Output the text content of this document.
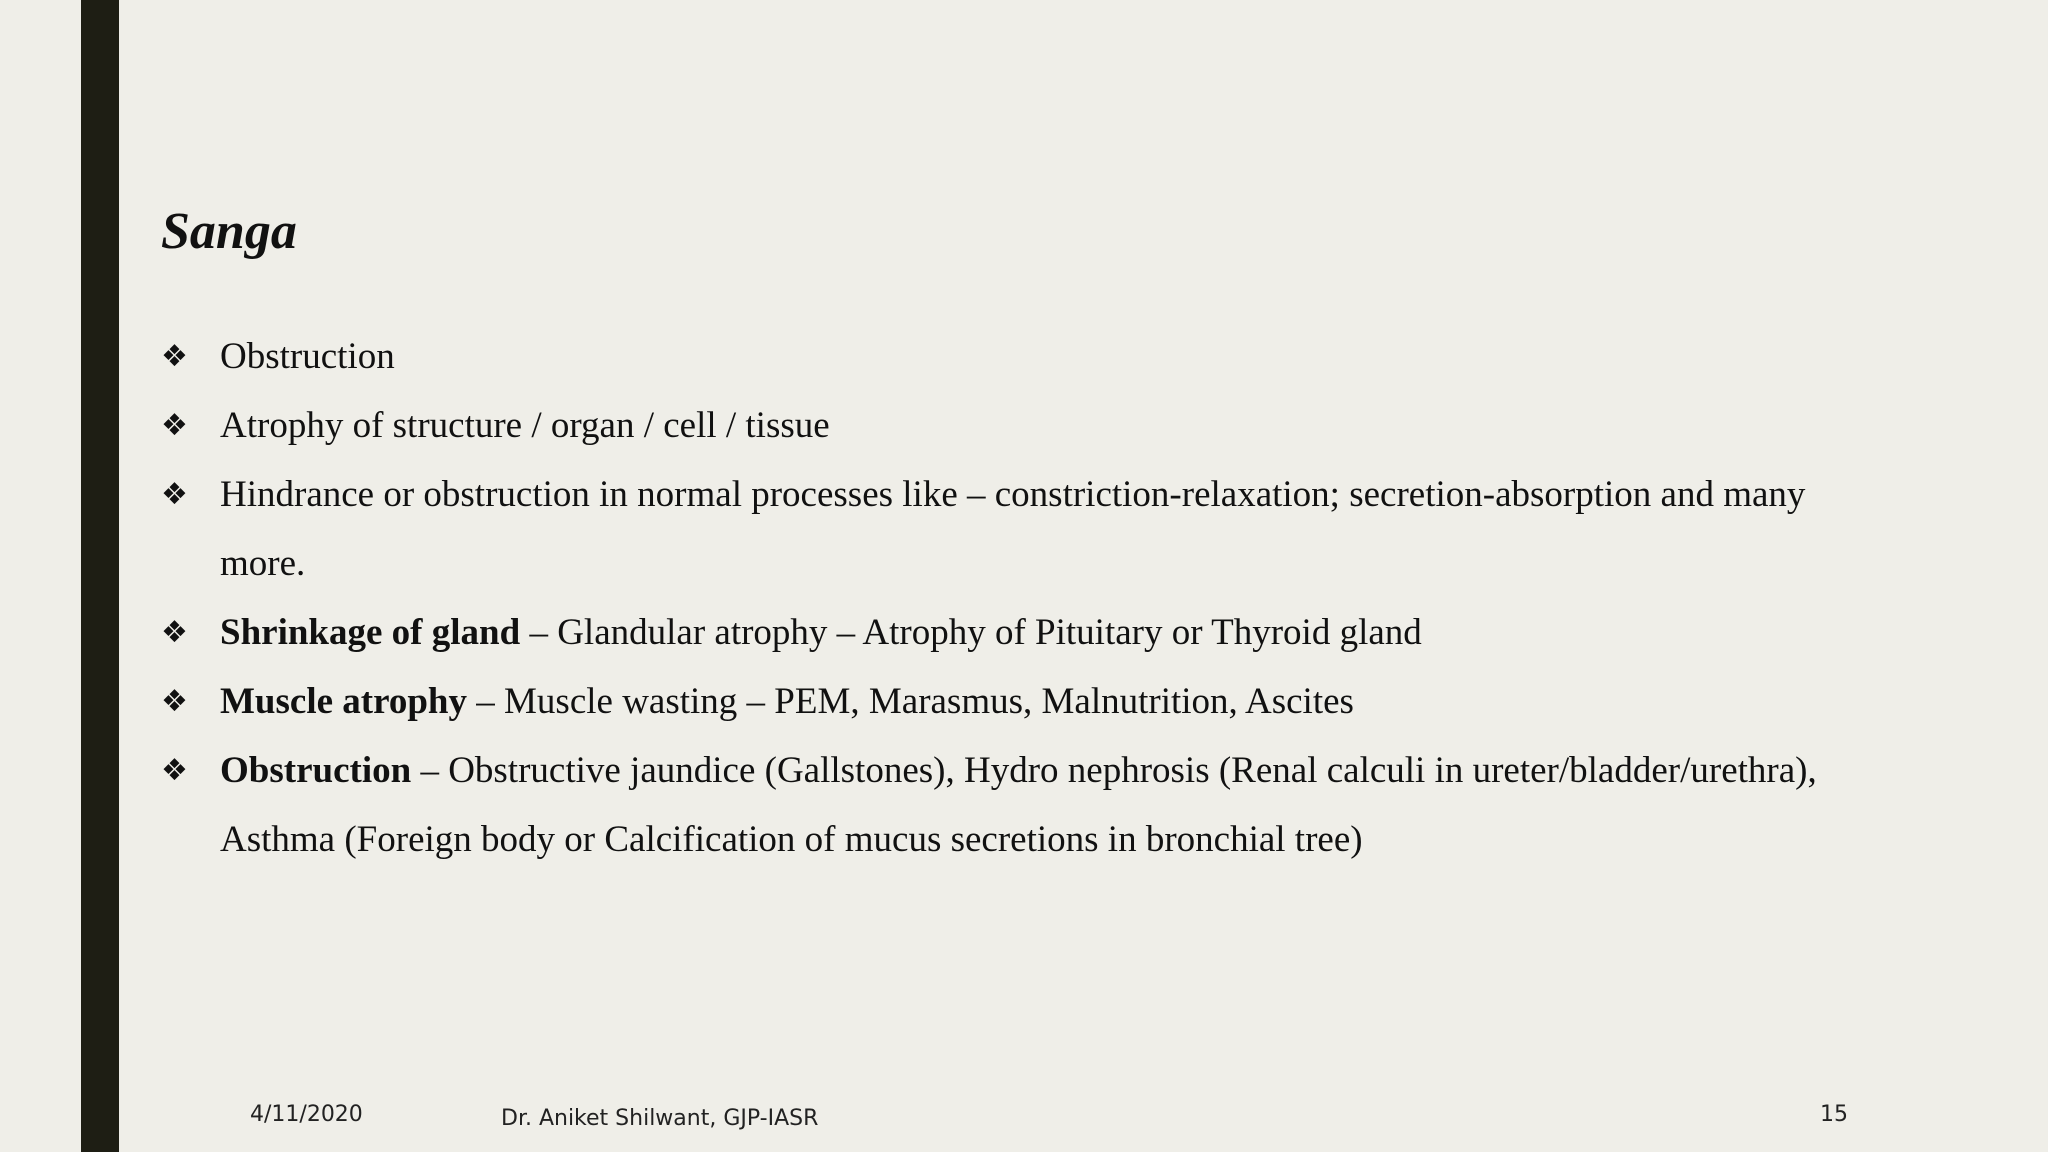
Sanga
❖ Obstruction
❖ Atrophy of structure / organ / cell / tissue
❖ Hindrance or obstruction in normal processes like – constriction-relaxation; secretion-absorption and many more.
❖ Shrinkage of gland – Glandular atrophy – Atrophy of Pituitary or Thyroid gland
❖ Muscle atrophy – Muscle wasting – PEM, Marasmus, Malnutrition, Ascites
❖ Obstruction – Obstructive jaundice (Gallstones), Hydro nephrosis (Renal calculi in ureter/bladder/urethra), Asthma (Foreign body or Calcification of mucus secretions in bronchial tree)
4/11/2020	Dr. Aniket Shilwant, GJP-IASR	15
